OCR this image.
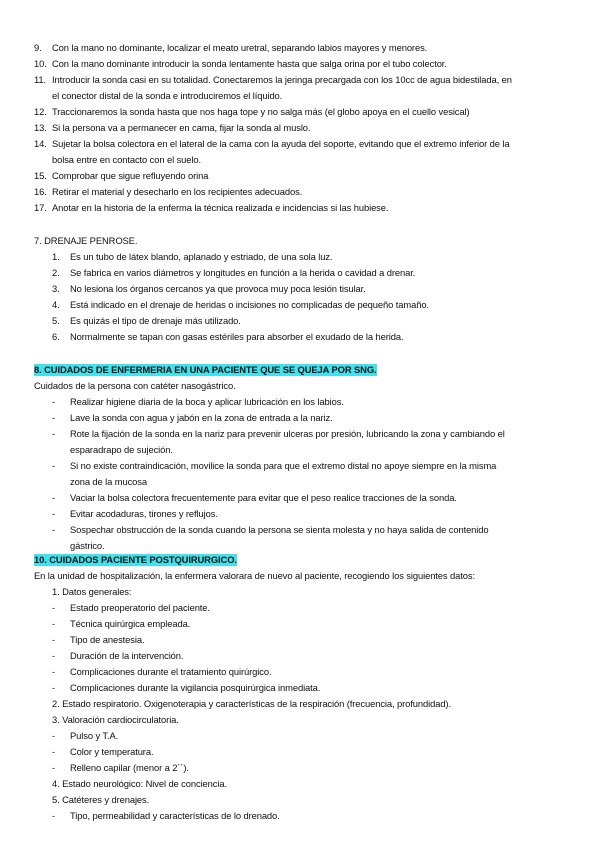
9. Con la mano no dominante, localizar el meato uretral, separando labios mayores y menores.
10. Con la mano dominante introducir la sonda lentamente hasta que salga orina por el tubo colector.
11. Introducir la sonda casi en su totalidad. Conectaremos la jeringa precargada con los 10cc de agua bidestilada, en
el conector distal de la sonda e introduciremos el líquido.
12. Traccionaremos la sonda hasta que nos haga tope y no salga más (el globo apoya en el cuello vesical)
13. Si la persona va a permanecer en cama, fijar la sonda al muslo.
14. Sujetar la bolsa colectora en el lateral de la cama con la ayuda del soporte, evitando que el extremo inferior de la
bolsa entre en contacto con el suelo.
15. Comprobar que sigue refluyendo orina
16. Retirar el material y desecharlo en los recipientes adecuados.
17. Anotar en la historia de la enferma la técnica realizada e incidencias si las hubiese.
7. DRENAJE PENROSE.
1. Es un tubo de látex blando, aplanado y estriado, de una sola luz.
2. Se fabrica en varios diámetros y longitudes en función a la herida o cavidad a drenar.
3. No lesiona los órganos cercanos ya que provoca muy poca lesión tisular.
4. Está indicado en el drenaje de heridas o incisiones no complicadas de pequeño tamaño.
5. Es quizás el tipo de drenaje más utilizado.
6. Normalmente se tapan con gasas estériles para absorber el exudado de la herida.
8. CUIDADOS DE ENFERMERIA EN UNA PACIENTE QUE SE QUEJA POR SNG.
Cuidados de la persona con catéter nasogástrico.
- Realizar higiene diaria de la boca y aplicar lubricación en los labios.
- Lave la sonda con agua y jabón en la zona de entrada a la nariz.
- Rote la fijación de la sonda en la nariz para prevenir ulceras por presión, lubricando la zona y cambiando el
esparadrapo de sujeción.
- Si no existe contraindicación, movilice la sonda para que el extremo distal no apoye siempre en la misma
zona de la mucosa
- Vaciar la bolsa colectora frecuentemente para evitar que el peso realice tracciones de la sonda.
- Evitar acodaduras, tirones y reflujos.
- Sospechar obstrucción de la sonda cuando la persona se sienta molesta y no haya salida de contenido
gástrico.
10. CUIDADOS PACIENTE POSTQUIRURGICO.
En la unidad de hospitalización, la enfermera valorara de nuevo al paciente, recogiendo los siguientes datos:
1. Datos generales:
- Estado preoperatorio del paciente.
- Técnica quirúrgica empleada.
- Tipo de anestesia.
- Duración de la intervención.
- Complicaciones durante el tratamiento quirúrgico.
- Complicaciones durante la vigilancia posquirúrgica inmediata.
2. Estado respiratorio. Oxigenoterapia y características de la respiración (frecuencia, profundidad).
3. Valoración cardiocirculatoria.
- Pulso y T.A.
- Color y temperatura.
- Relleno capilar (menor a 2´´).
4. Estado neurológico: Nivel de conciencia.
5. Catéteres y drenajes.
- Tipo, permeabilidad y características de lo drenado.
